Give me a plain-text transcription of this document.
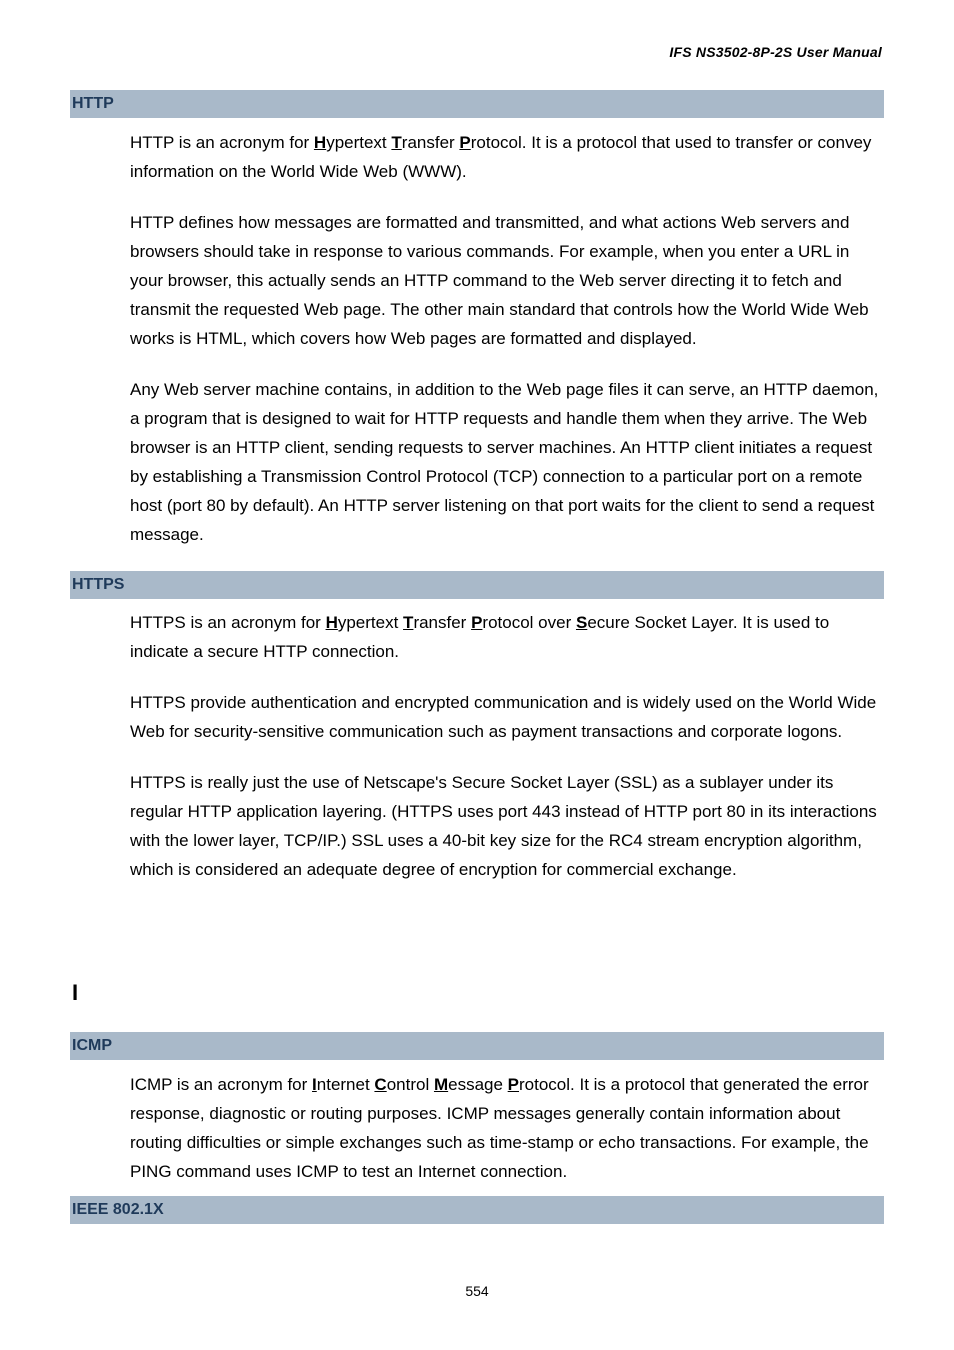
IFS NS3502-8P-2S User Manual
HTTP

HTTP is an acronym for Hypertext Transfer Protocol. It is a protocol that used to transfer or convey information on the World Wide Web (WWW).

HTTP defines how messages are formatted and transmitted, and what actions Web servers and browsers should take in response to various commands. For example, when you enter a URL in your browser, this actually sends an HTTP command to the Web server directing it to fetch and transmit the requested Web page. The other main standard that controls how the World Wide Web works is HTML, which covers how Web pages are formatted and displayed.

Any Web server machine contains, in addition to the Web page files it can serve, an HTTP daemon, a program that is designed to wait for HTTP requests and handle them when they arrive. The Web browser is an HTTP client, sending requests to server machines. An HTTP client initiates a request by establishing a Transmission Control Protocol (TCP) connection to a particular port on a remote host (port 80 by default). An HTTP server listening on that port waits for the client to send a request message.

HTTPS

HTTPS is an acronym for Hypertext Transfer Protocol over Secure Socket Layer. It is used to indicate a secure HTTP connection.

HTTPS provide authentication and encrypted communication and is widely used on the World Wide Web for security-sensitive communication such as payment transactions and corporate logons.

HTTPS is really just the use of Netscape's Secure Socket Layer (SSL) as a sublayer under its regular HTTP application layering. (HTTPS uses port 443 instead of HTTP port 80 in its interactions with the lower layer, TCP/IP.) SSL uses a 40-bit key size for the RC4 stream encryption algorithm, which is considered an adequate degree of encryption for commercial exchange.

I
ICMP

ICMP is an acronym for Internet Control Message Protocol. It is a protocol that generated the error response, diagnostic or routing purposes. ICMP messages generally contain information about routing difficulties or simple exchanges such as time-stamp or echo transactions. For example, the PING command uses ICMP to test an Internet connection.

IEEE 802.1X
554
